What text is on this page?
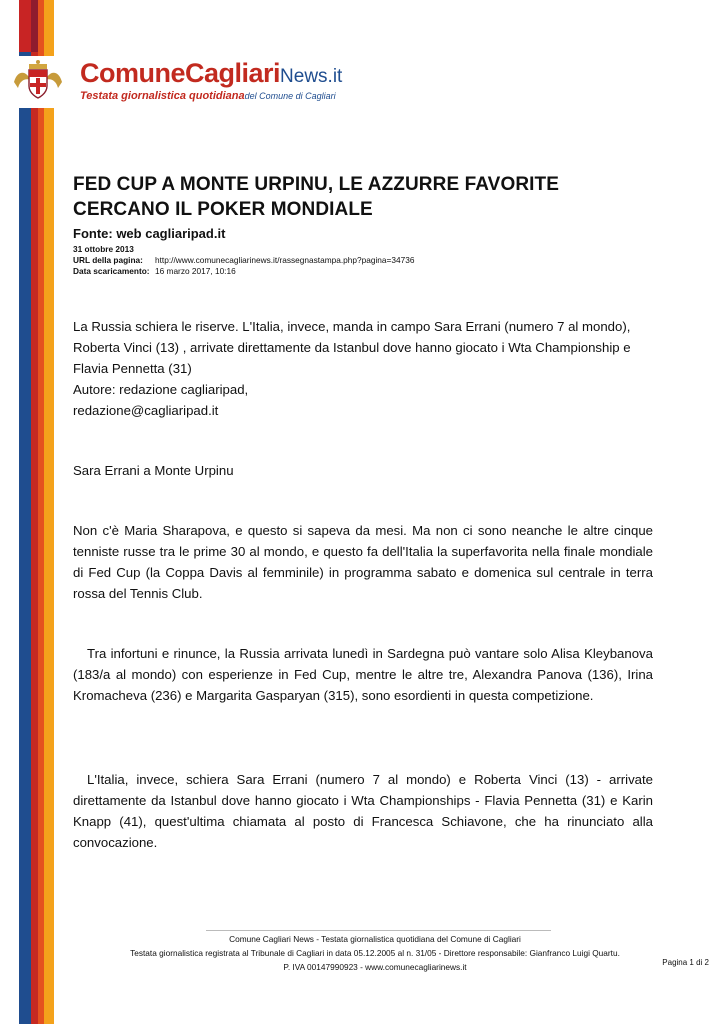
ComuneCagliariNews.it
Testata giornalistica quotidianadel Comune di Cagliari
FED CUP A MONTE URPINU, LE AZZURRE FAVORITE CERCANO IL POKER MONDIALE
Fonte: web cagliaripad.it
31 ottobre 2013
URL della pagina:	http://www.comunecagliarinews.it/rassegnastampa.php?pagina=34736
Data scaricamento: 16 marzo 2017, 10:16

La Russia schiera le riserve. L'Italia, invece, manda in campo Sara Errani (numero 7 al mondo), Roberta Vinci (13) , arrivate direttamente da Istanbul dove hanno giocato i Wta Championship e Flavia Pennetta (31)

Autore: redazione cagliaripad,

redazione@cagliaripad.it

Sara Errani a Monte Urpinu

Non c'è Maria Sharapova, e questo si sapeva da mesi. Ma non ci sono neanche le altre cinque tenniste russe tra le prime 30 al mondo, e questo fa dell'Italia la superfavorita nella finale mondiale di Fed Cup (la Coppa Davis al femminile) in programma sabato e domenica sul centrale in terra rossa del Tennis Club.

Tra infortuni e rinunce, la Russia arrivata lunedì in Sardegna può vantare solo Alisa Kleybanova (183/a al mondo) con esperienze in Fed Cup, mentre le altre tre, Alexandra Panova (136), Irina Kromacheva (236) e Margarita Gasparyan (315), sono esordienti in questa competizione.

L'Italia, invece, schiera Sara Errani (numero 7 al mondo) e Roberta Vinci (13) - arrivate direttamente da Istanbul dove hanno giocato i Wta Championships - Flavia Pennetta (31) e Karin Knapp (41), quest'ultima chiamata al posto di Francesca Schiavone, che ha rinunciato alla convocazione.

Comune Cagliari News - Testata giornalistica quotidiana del Comune di Cagliari
Testata giornalistica registrata al Tribunale di Cagliari in data 05.12.2005 al n. 31/05 - Direttore responsabile: Gianfranco Luigi Quartu.
P. IVA 00147990923 - www.comunecagliarinews.it	Pagina 1 di 2
